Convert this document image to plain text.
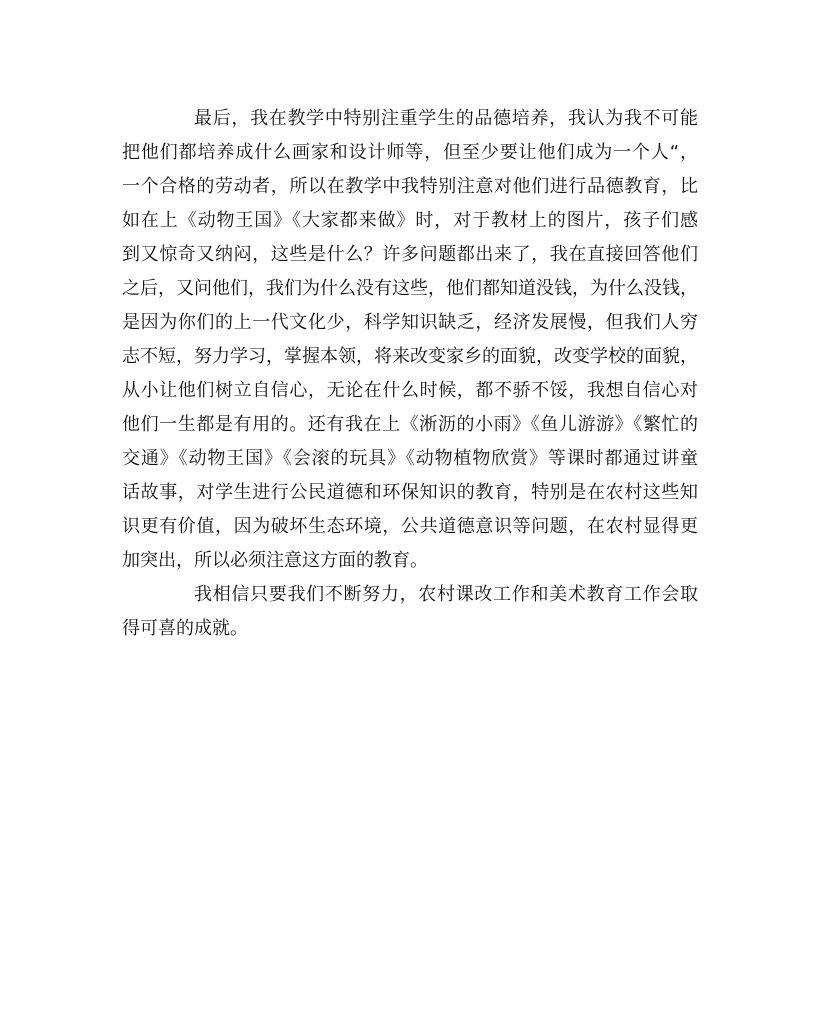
最后，我在教学中特别注重学生的品德培养，我认为我不可能
把他们都培养成什么画家和设计师等，但至少要让他们成为一个人“，
一个合格的劳动者，所以在教学中我特别注意对他们进行品德教育，比
如在上《动物王国》《大家都来做》时，对于教材上的图片，孩子们感
到又惊奇又纳闷，这些是什么？许多问题都出来了，我在直接回答他们
之后，又问他们，我们为什么没有这些，他们都知道没钱，为什么没钱，
是因为你们的上一代文化少，科学知识缺乏，经济发展慢，但我们人穷
志不短，努力学习，掌握本领，将来改变家乡的面貌，改变学校的面貌，
从小让他们树立自信心，无论在什么时候，都不骄不馁，我想自信心对
他们一生都是有用的。还有我在上《淅沥的小雨》《鱼儿游游》《繁忙的
交通》《动物王国》《会滚的玩具》《动物植物欣赏》等课时都通过讲童
话故事，对学生进行公民道德和环保知识的教育，特别是在农村这些知
识更有价值，因为破坏生态环境，公共道德意识等问题，在农村显得更
加突出，所以必须注意这方面的教育。
我相信只要我们不断努力，农村课改工作和美术教育工作会取
得可喜的成就。
